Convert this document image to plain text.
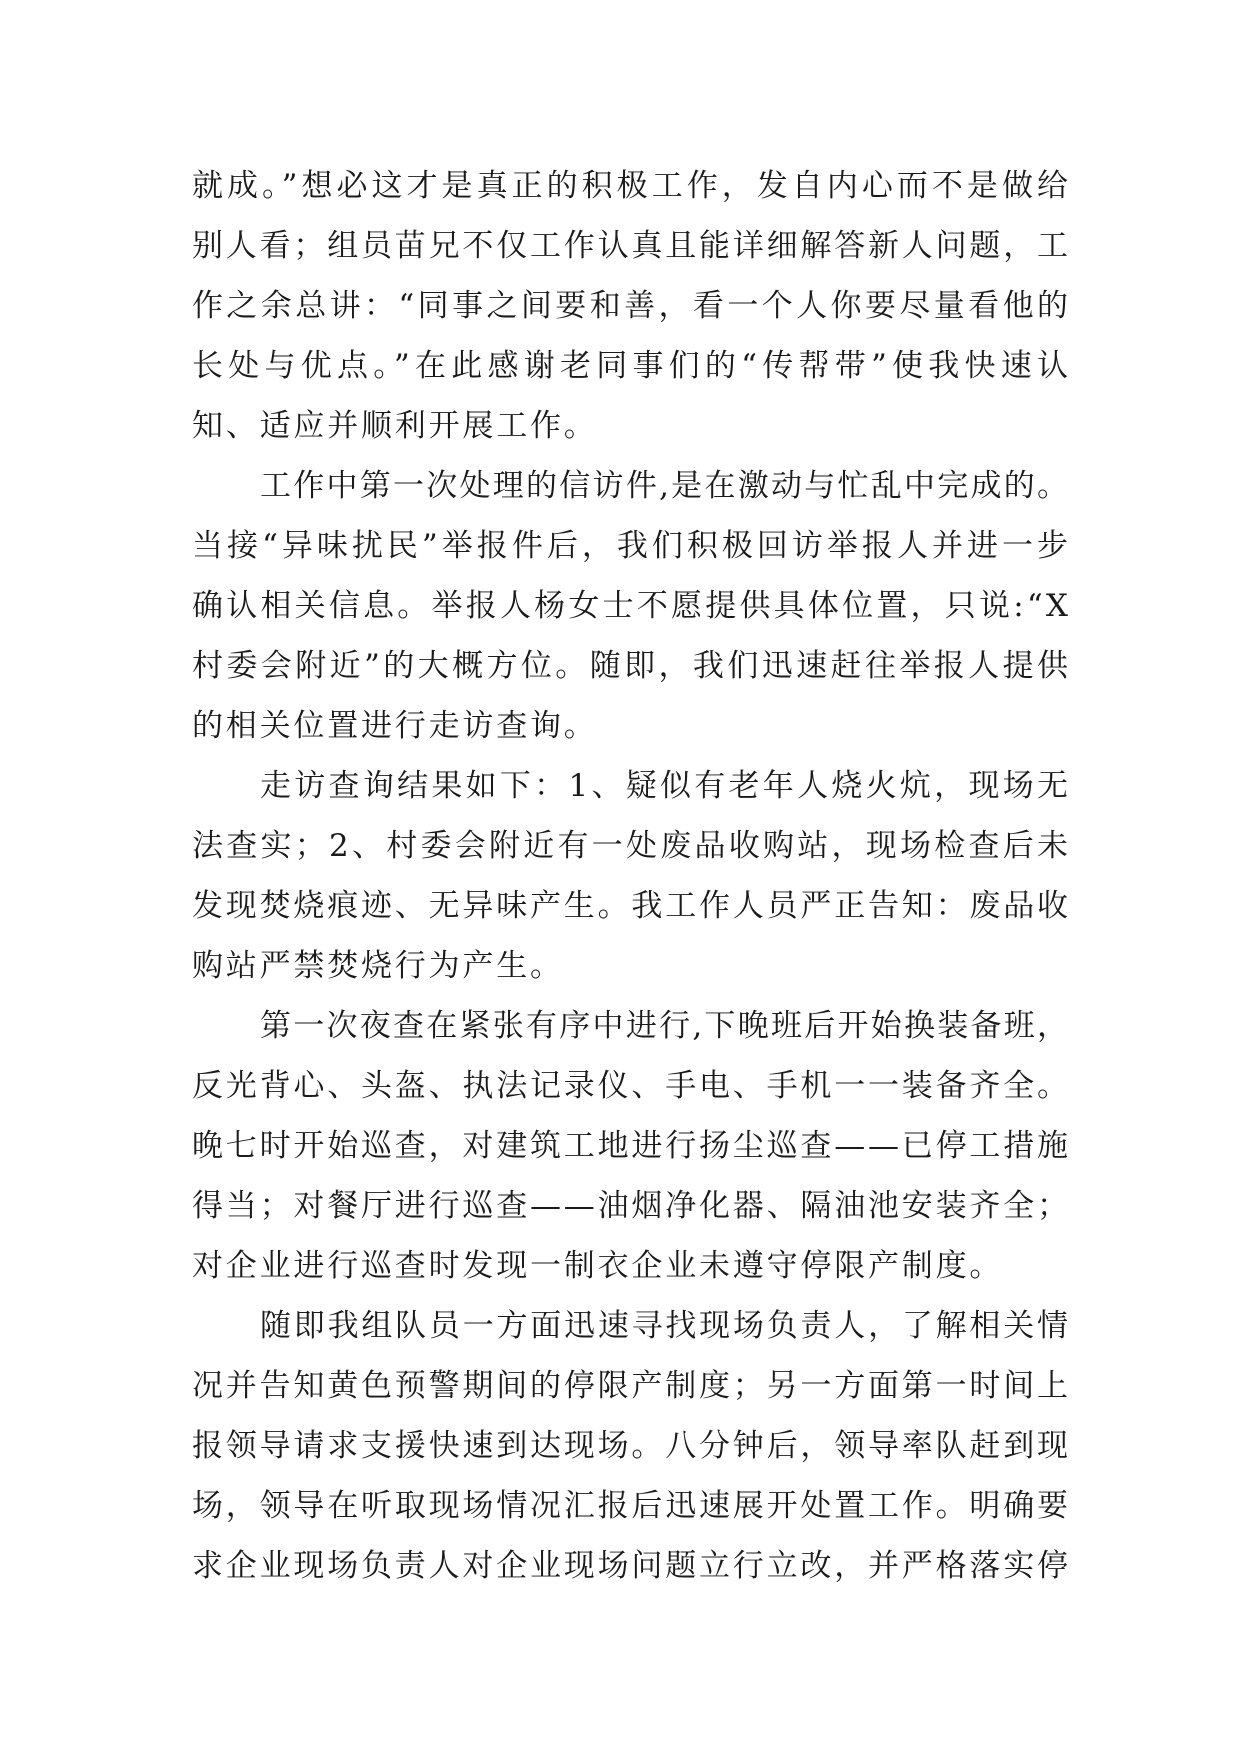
就成。”想必这才是真正的积极工作，发自内心而不是做给
别人看；组员苗兄不仅工作认真且能详细解答新人问题，工
作之余总讲：“同事之间要和善，看一个人你要尽量看他的
长处与优点。”在此感谢老同事们的“传帮带”使我快速认
知、适应并顺利开展工作。
工作中第一次处理的信访件,是在激动与忙乱中完成的。
当接“异味扰民”举报件后，我们积极回访举报人并进一步
确认相关信息。举报人杨女士不愿提供具体位置，只说:“X
村委会附近”的大概方位。随即，我们迅速赶往举报人提供
的相关位置进行走访查询。
走访查询结果如下：1、疑似有老年人烧火炕，现场无
法查实；2、村委会附近有一处废品收购站，现场检查后未
发现焚烧痕迹、无异味产生。我工作人员严正告知：废品收
购站严禁焚烧行为产生。
第一次夜查在紧张有序中进行,下晚班后开始换装备班，
反光背心、头盔、执法记录仪、手电、手机一一装备齐全。
晚七时开始巡查，对建筑工地进行扬尘巡查——已停工措施
得当；对餐厅进行巡查——油烟净化器、隔油池安装齐全；
对企业进行巡查时发现一制衣企业未遵守停限产制度。
随即我组队员一方面迅速寻找现场负责人，了解相关情
况并告知黄色预警期间的停限产制度；另一方面第一时间上
报领导请求支援快速到达现场。八分钟后，领导率队赶到现
场，领导在听取现场情况汇报后迅速展开处置工作。明确要
求企业现场负责人对企业现场问题立行立改，并严格落实停
